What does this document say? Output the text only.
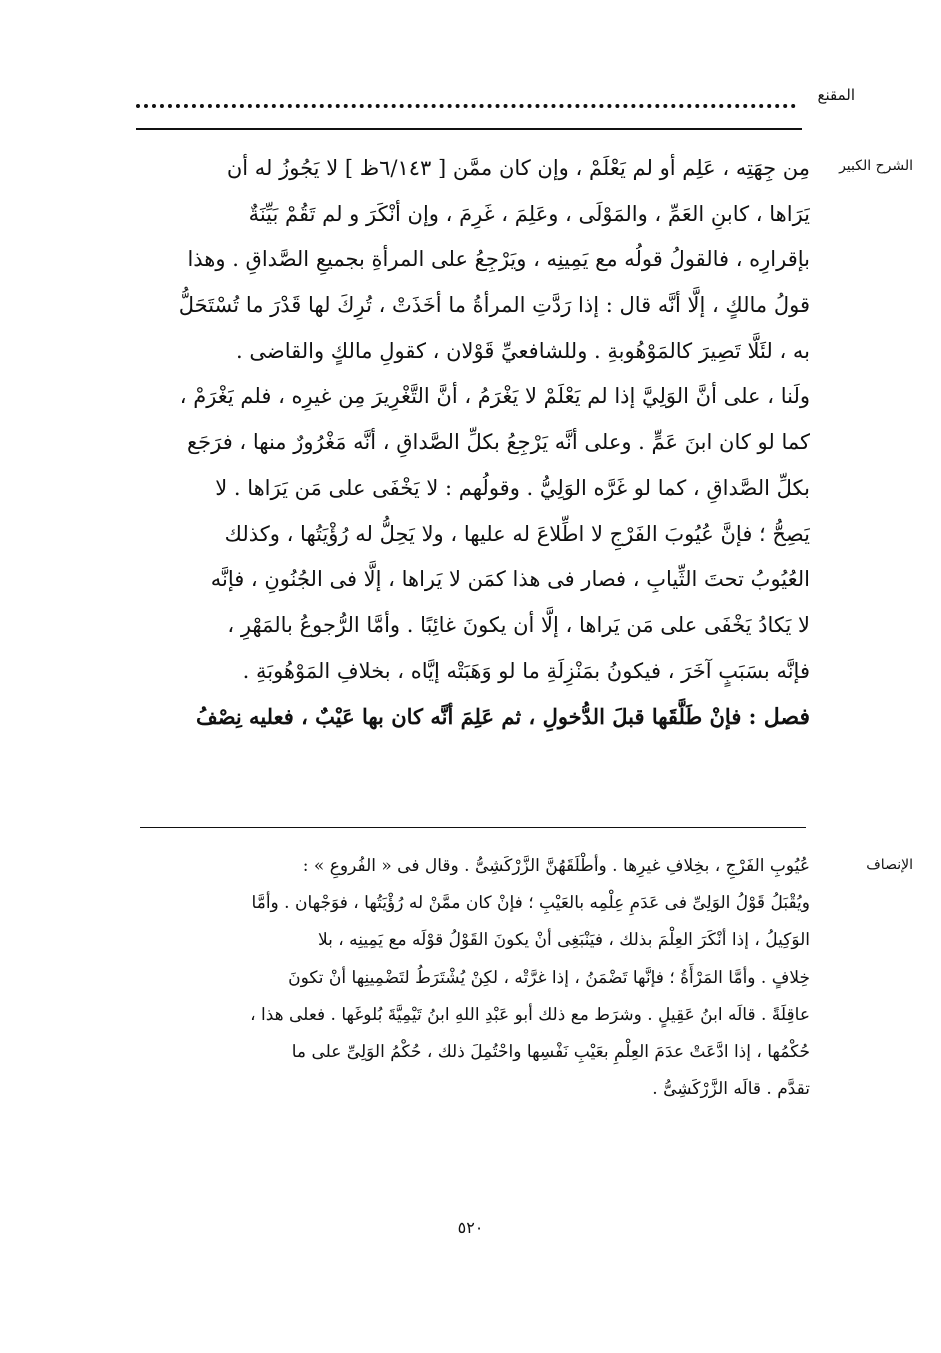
المقنع
الشرح الكبير
مِن جِهَتِه ، عَلِم أو لم يَعْلَمْ ، وإن كان ممَّن [ ٦/١٤٣ظ ] لا يَجُوزُ له أن
يَرَاها ، كابنِ العَمِّ ، والمَوْلَى ، وعَلِمَ ، غَرِمَ ، وإن أنْكَرَ و لم تَقُمْ بَيِّنَةٌ
بإقرارِه ، فالقولُ قولُه مع يَمِينِه ، ويَرْجِعُ على المرأةِ بجميعِ الصَّداقِ . وهذا
قولُ مالكٍ ، إلَّا أنَّه قال : إذا رَدَّتِ المرأةُ ما أخَذَتْ ، تُرِكَ لها قَدْرَ ما تُسْتَحَلُّ
به ، لئَلَّا تَصِيرَ كالمَوْهُوبةِ . وللشافعيِّ قَوْلان ، كقولِ مالكٍ والقاضى .
ولَنا ، على أنَّ الوَلِيَّ إذا لم يَعْلَمْ لا يَغْرَمُ ، أنَّ التَّغْرِيرَ مِن غيرِه ، فلم يَغْرَمْ ،
كما لو كان ابنَ عَمٍّ . وعلى أنَّه يَرْجِعُ بكلِّ الصَّداقِ ، أنَّه مَغْرُورٌ منها ، فرَجَع
بكلِّ الصَّداقِ ، كما لو غَرَّه الوَلِيُّ . وقولُهم : لا يَخْفَى على مَن يَرَاها . لا
يَصِحُّ ؛ فإنَّ عُيُوبَ الفَرْجِ لا اطِّلاعَ له عليها ، ولا يَحِلُّ له رُؤْيَتُها ، وكذلك
العُيُوبُ تحتَ الثِّيابِ ، فصار فى هذا كمَن لا يَراها ، إلَّا فى الجُنُونِ ، فإنَّه
لا يَكادُ يَخْفَى على مَن يَراها ، إلَّا أن يكونَ غائِبًا . وأمَّا الرُّجوعُ بالمَهْرِ ،
فإنَّه بسَبَبٍ آخَرَ ، فيكونُ بمَنْزِلَةِ ما لو وَهَبَتْه إيَّاه ، بخلافِ المَوْهُوبَةِ .
فصل : فإنْ طَلَّقَها قبلَ الدُّخولِ ، ثم عَلِمَ أنَّه كان بها عَيْبٌ ، فعليه نِصْفُ
الإنصاف
عُيُوبِ الفَرْجِ ، بخِلافِ غيرِها . وأطْلَقَهُنَّ الزَّرْكَشِىُّ . وقال فى « الفُروعِ » :
ويُقْبَلُ قَوْلُ الوَلِىِّ فى عَدَمِ عِلْمِه بالعَيْبِ ؛ فإنْ كان ممَّنْ له رُؤْيَتُها ، فوَجْهان . وأمَّا
الوَكِيلُ ، إذا أنْكَرَ العِلْمَ بذلك ، فيَنْبَغِى أنْ يكونَ القَوْلُ قوْلَه مع يَمِينِه ، بلا
خِلافٍ . وأمَّا المَرْأَةُ ؛ فإنَّها تَضْمَنُ ، إذا غرَّتْه ، لكِنْ يُشْتَرَطُ لتَضْمِينِها أنْ تكونَ
عاقِلَةً . قالَه ابنُ عَقِيلٍ . وشرَط مع ذلك أبو عَبْدِ اللهِ ابنُ تَيْمِيَّةَ بُلوغَها . فعلى هذا ،
حُكْمُها ، إذا ادَّعَتْ عدَمَ العِلْمِ بعَيْبِ نَفْسِها واحْتُمِلَ ذلك ، حُكْمُ الوَلِىِّ على ما
تقدَّم . قالَه الزَّرْكَشِىُّ .
٥٢٠
